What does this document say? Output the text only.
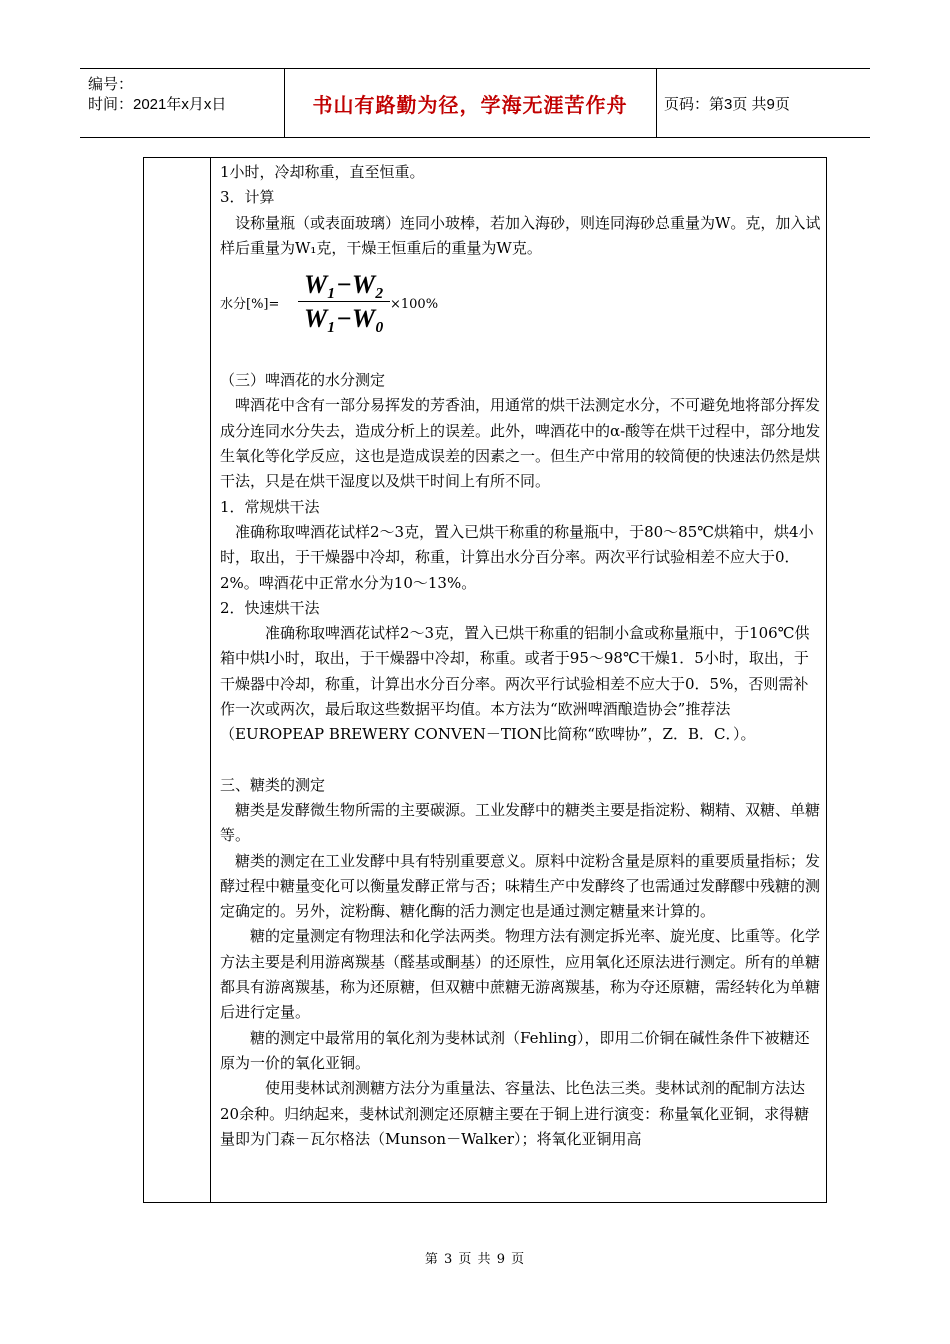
编号：
时间：2021年x月x日	书山有路勤为径，学海无涯苦作舟	页码：第3页 共9页

1小时，冷却称重，直至恒重。

3．计算

设称量瓶（或表面玻璃）连同小玻棒，若加入海砂，则连同海砂总重量为W。克，加入试样后重量为W₁克，干燥王恒重后的重量为W克。

水分[%]=
W₁−W₂
W₁−W₀ ×100%

（三）啤酒花的水分测定

啤酒花中含有一部分易挥发的芳香油，用通常的烘干法测定水分，不可避免地将部分挥发成分连同水分失去，造成分析上的误差。此外，啤酒花中的α-酸等在烘干过程中，部分地发生氧化等化学反应，这也是造成误差的因素之一。但生产中常用的较简便的快速法仍然是烘干法，只是在烘干湿度以及烘干时间上有所不同。

1．常规烘干法

准确称取啤酒花试样2～3克，置入已烘干称重的称量瓶中，于80～85℃烘箱中，烘4小时，取出，于干燥器中冷却，称重，计算出水分百分率。两次平行试验相差不应大于0．2%。啤酒花中正常水分为10～13%。

2．快速烘干法

准确称取啤酒花试样2～3克，置入已烘干称重的铝制小盒或称量瓶中，于106℃供箱中烘l小时，取出，于干燥器中冷却，称重。或者于95～98℃干燥1．5小时，取出，于干燥器中冷却，称重，计算出水分百分率。两次平行试验相差不应大于0．5%，否则需补作一次或两次，最后取这些数据平均值。本方法为“欧洲啤酒酿造协会”推荐法（EUROPEAP BREWERY CONVEN－TION比简称“欧啤协”，Z．B．C．）。

三、糖类的测定

糖类是发酵微生物所需的主要碳源。工业发酵中的糖类主要是指淀粉、糊精、双糖、单糖等。

糖类的测定在工业发酵中具有特别重要意义。原料中淀粉含量是原料的重要质量指标；发酵过程中糖量变化可以衡量发酵正常与否；味精生产中发酵终了也需通过发酵醪中残糖的测定确定的。另外，淀粉酶、糖化酶的活力测定也是通过测定糖量来计算的。

糖的定量测定有物理法和化学法两类。物理方法有测定拆光率、旋光度、比重等。化学方法主要是利用游离羰基（醛基或酮基）的还原性，应用氧化还原法进行测定。所有的单糖都具有游离羰基，称为还原糖，但双糖中蔗糖无游离羰基，称为夺还原糖，需经转化为单糖后进行定量。

糖的测定中最常用的氧化剂为斐林试剂（Fehling），即用二价铜在碱性条件下被糖还原为一价的氧化亚铜。

使用斐林试剂测糖方法分为重量法、容量法、比色法三类。斐林试剂的配制方法达20余种。归纳起来，斐林试剂测定还原糖主要在于铜上进行演变：称量氧化亚铜，求得糖量即为门森－瓦尔格法（Munson－Walker）；将氧化亚铜用高

第 3 页 共 9 页
